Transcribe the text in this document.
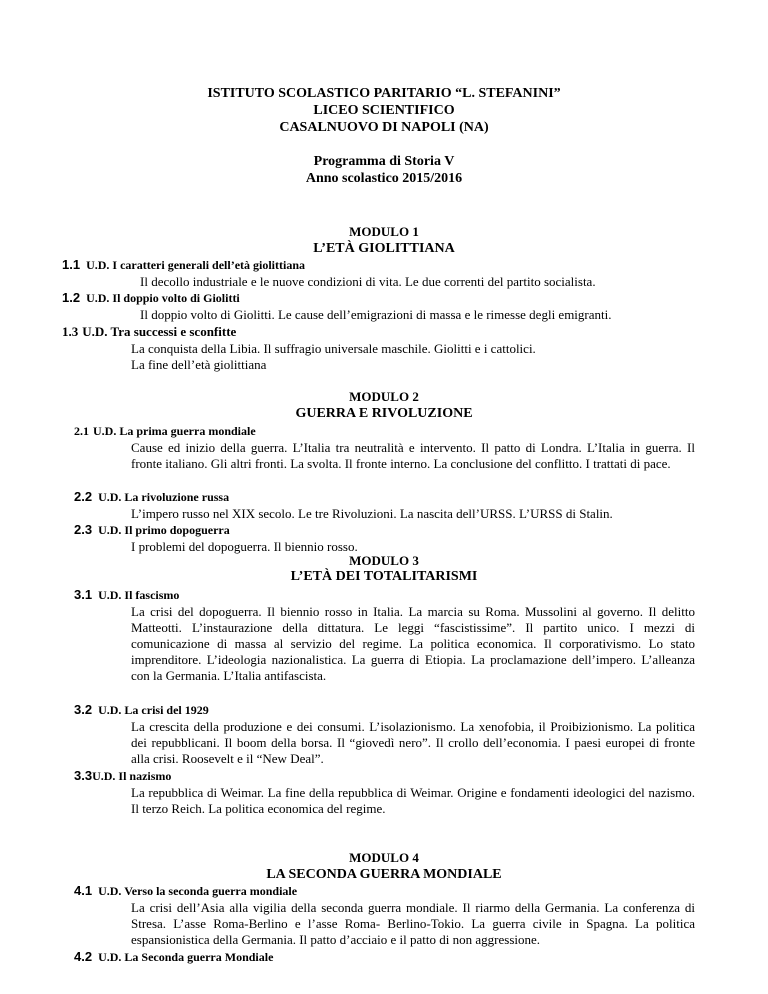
ISTITUTO SCOLASTICO PARITARIO “L. STEFANINI”
LICEO SCIENTIFICO
CASALNUOVO DI NAPOLI (NA)
Programma di Storia V
Anno scolastico 2015/2016
MODULO 1
L’ETÀ GIOLITTIANA
1.1 U.D. I caratteri generali dell’età giolittiana
Il decollo industriale e le nuove condizioni di vita. Le due correnti del partito socialista.
1.2 U.D. Il doppio volto di Giolitti
Il doppio volto di Giolitti. Le cause dell’emigrazioni di massa e le rimesse degli emigranti.
1.3 U.D. Tra successi e sconfitte
La conquista della Libia. Il suffragio universale maschile. Giolitti e i cattolici.
La fine dell’età giolittiana
MODULO 2
GUERRA E RIVOLUZIONE
2.1 U.D. La prima guerra mondiale
Cause ed inizio della guerra. L’Italia tra neutralità e intervento. Il patto di Londra. L’Italia in guerra. Il fronte italiano. Gli altri fronti. La svolta. Il fronte interno. La conclusione del conflitto. I trattati di pace.
2.2 U.D. La rivoluzione russa
L’impero russo nel XIX secolo. Le tre Rivoluzioni. La nascita dell’URSS. L’URSS di Stalin.
2.3 U.D. Il primo dopoguerra
I problemi del dopoguerra. Il biennio rosso.
MODULO 3
L’ETÀ DEI TOTALITARISMI
3.1 U.D. Il fascismo
La crisi del dopoguerra. Il biennio rosso in Italia. La marcia su Roma. Mussolini al governo. Il delitto Matteotti. L’instaurazione della dittatura. Le leggi “fascistissime”. Il partito unico. I mezzi di comunicazione di massa al servizio del regime. La politica economica. Il corporativismo. Lo stato imprenditore. L’ideologia nazionalistica. La guerra di Etiopia. La proclamazione dell’impero. L’alleanza con la Germania. L’Italia antifascista.
3.2 U.D. La crisi del 1929
La crescita della produzione e dei consumi. L’isolazionismo. La xenofobia, il Proibizionismo. La politica dei repubblicani. Il boom della borsa. Il “giovedì nero”. Il crollo dell’economia. I paesi europei di fronte alla crisi. Roosevelt e il “New Deal”.
3.3U.D. Il nazismo
La repubblica di Weimar. La fine della repubblica di Weimar. Origine e fondamenti ideologici del nazismo. Il terzo Reich. La politica economica del regime.
MODULO 4
LA SECONDA GUERRA MONDIALE
4.1 U.D. Verso la seconda guerra mondiale
La crisi dell’Asia alla vigilia della seconda guerra mondiale. Il riarmo della Germania. La conferenza di Stresa. L’asse Roma-Berlino e l’asse Roma- Berlino-Tokio. La guerra civile in Spagna. La politica espansionistica della Germania. Il patto d’acciaio e il patto di non aggressione.
4.2 U.D. La Seconda guerra Mondiale
